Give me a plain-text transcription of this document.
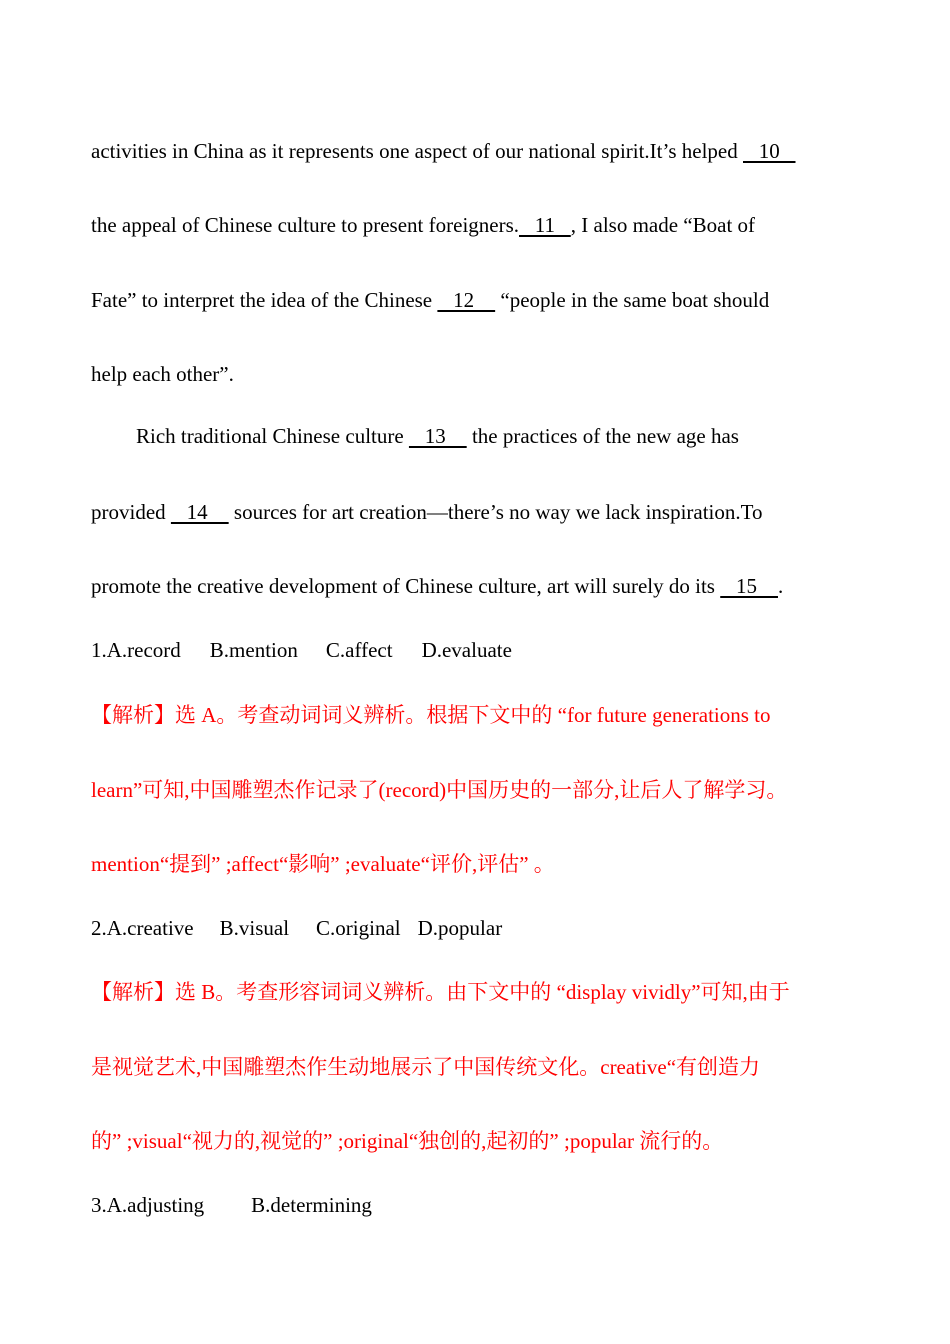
activities in China as it represents one aspect of our national spirit.It’s helped    10
the appeal of Chinese culture to present foreigners.   11   , I also made “Boat of
Fate” to interpret the idea of the Chinese    12     “people in the same boat should
help each other”.
Rich traditional Chinese culture    13     the practices of the new age has
provided    14     sources for art creation—there’s no way we lack inspiration.To
promote the creative development of Chinese culture, art will surely do its    15    .
1.A.record B.mention C.affect D.evaluate
【解析】选 A。考查动词词义辨析。根据下文中的 “for future generations to
learn”可知,中国雕塑杰作记录了(record)中国历史的一部分,让后人了解学习。
mention“提到” ;affect“影响” ;evaluate“评价,评估” 。
2.A.creative B.visual C.original D.popular
【解析】选 B。考查形容词词义辨析。由下文中的 “display vividly”可知,由于
是视觉艺术,中国雕塑杰作生动地展示了中国传统文化。creative“有创造力
的” ;visual“视力的,视觉的” ;original“独创的,起初的” ;popular 流行的。
3.A.adjusting B.determining
